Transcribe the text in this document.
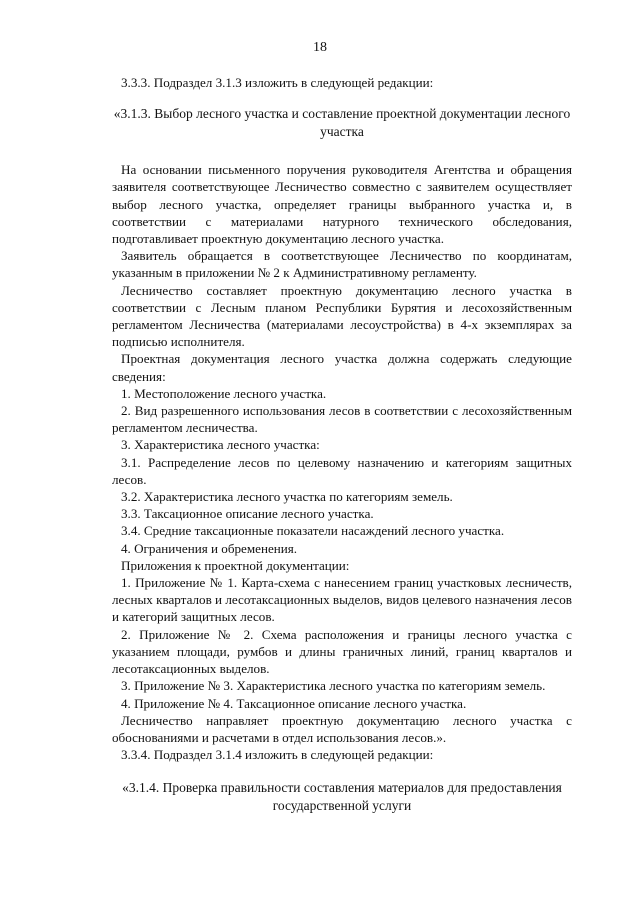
18

3.3.3. Подраздел 3.1.3 изложить в следующей редакции:

«3.1.3. Выбор лесного участка и составление проектной документации лесного участка

На основании письменного поручения руководителя Агентства и обращения заявителя соответствующее Лесничество совместно с заявителем осуществляет выбор лесного участка, определяет границы выбранного участка и, в соответствии с материалами натурного технического обследования, подготавливает проектную документацию лесного участка.

Заявитель обращается в соответствующее Лесничество по координатам, указанным в приложении № 2 к Административному регламенту.

Лесничество составляет проектную документацию лесного участка в соответствии с Лесным планом Республики Бурятия и лесохозяйственным регламентом Лесничества (материалами лесоустройства) в 4-х экземплярах за подписью исполнителя.

Проектная документация лесного участка должна содержать следующие сведения:

1. Местоположение лесного участка.

2. Вид разрешенного использования лесов в соответствии с лесохозяйственным регламентом лесничества.

3. Характеристика лесного участка:

3.1. Распределение лесов по целевому назначению и категориям защитных лесов.

3.2. Характеристика лесного участка по категориям земель.

3.3. Таксационное описание лесного участка.

3.4. Средние таксационные показатели насаждений лесного участка.

4. Ограничения и обременения.

Приложения к проектной документации:

1. Приложение № 1. Карта-схема с нанесением границ участковых лесничеств, лесных кварталов и лесотаксационных выделов, видов целевого назначения лесов и категорий защитных лесов.

2. Приложение № 2. Схема расположения и границы лесного участка с указанием площади, румбов и длины граничных линий, границ кварталов и лесотаксационных выделов.

3. Приложение № 3. Характеристика лесного участка по категориям земель.

4. Приложение № 4. Таксационное описание лесного участка.

Лесничество направляет проектную документацию лесного участка с обоснованиями и расчетами в отдел использования лесов.».

3.3.4. Подраздел 3.1.4 изложить в следующей редакции:

«3.1.4. Проверка правильности составления материалов для предоставления государственной услуги
